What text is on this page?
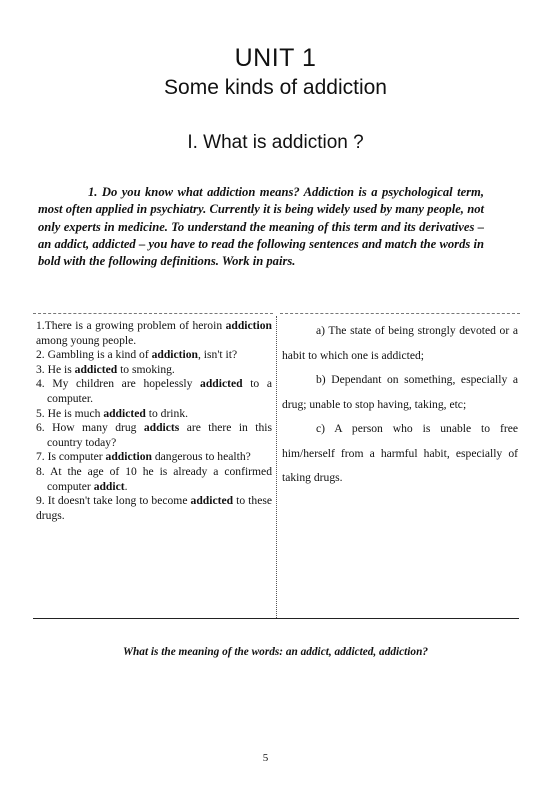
UNIT 1
Some kinds of addiction
I. What is addiction ?

1. Do you know what addiction means? Addiction is a psychological term, most often applied in psychiatry. Currently it is being widely used by many people, not only experts in medicine. To understand the meaning of this term and its derivatives – an addict, addicted – you have to read the following sentences and match the words in bold with the following definitions. Work in pairs.

1.There is a growing problem of heroin addiction among young people.

2. Gambling is a kind of addiction, isn't it?

3. He is addicted to smoking.

4. My children are hopelessly addicted to a computer.

5. He is much addicted to drink.

6. How many drug addicts are there in this country today?

7. Is computer addiction dangerous to health?

8. At the age of 10 he is already a confirmed computer addict.

9. It doesn't take long to become addicted to these drugs.

a) The state of being strongly devoted or a habit to which one is addicted;

b) Dependant on something, especially a drug; unable to stop having, taking, etc;

c) A person who is unable to free him/herself from a harmful habit, especially of taking drugs.

What is the meaning of the words: an addict, addicted, addiction?
5
